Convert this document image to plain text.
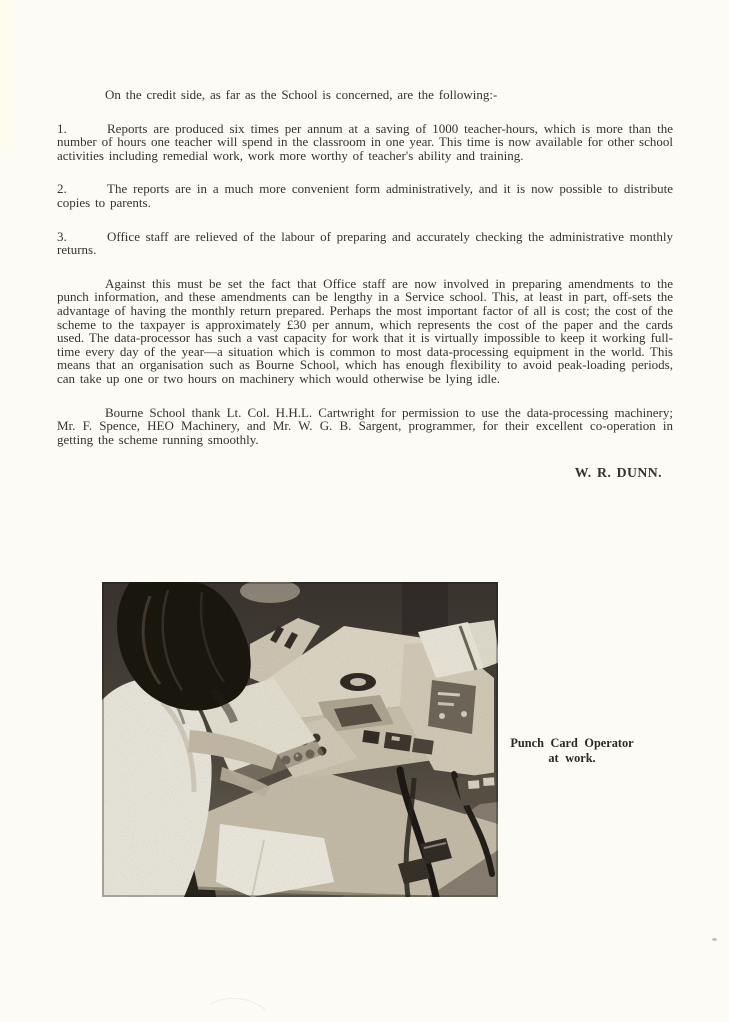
On the credit side, as far as the School is concerned, are the following:-

1.	Reports are produced six times per annum at a saving of 1000 teacher-hours, which is more than the number of hours one teacher will spend in the classroom in one year. This time is now available for other school activities including remedial work, work more worthy of teacher's ability and training.

2.	The reports are in a much more convenient form administratively, and it is now possible to distribute copies to parents.

3.	Office staff are relieved of the labour of preparing and accurately checking the administrative monthly returns.

Against this must be set the fact that Office staff are now involved in preparing amendments to the punch information, and these amendments can be lengthy in a Service school. This, at least in part, off-sets the advantage of having the monthly return prepared. Perhaps the most important factor of all is cost; the cost of the scheme to the taxpayer is approximately £30 per annum, which represents the cost of the paper and the cards used. The data-processor has such a vast capacity for work that it is virtually impossible to keep it working full-time every day of the year—a situation which is common to most data-processing equipment in the world. This means that an organisation such as Bourne School, which has enough flexibility to avoid peak-loading periods, can take up one or two hours on machinery which would otherwise be lying idle.

Bourne School thank Lt. Col. H.H.L. Cartwright for permission to use the data-processing machinery; Mr. F. Spence, HEO Machinery, and Mr. W. G. B. Sargent, programmer, for their excellent co-operation in getting the scheme running smoothly.

W. R. DUNN.

Punch Card Operator
at work.
